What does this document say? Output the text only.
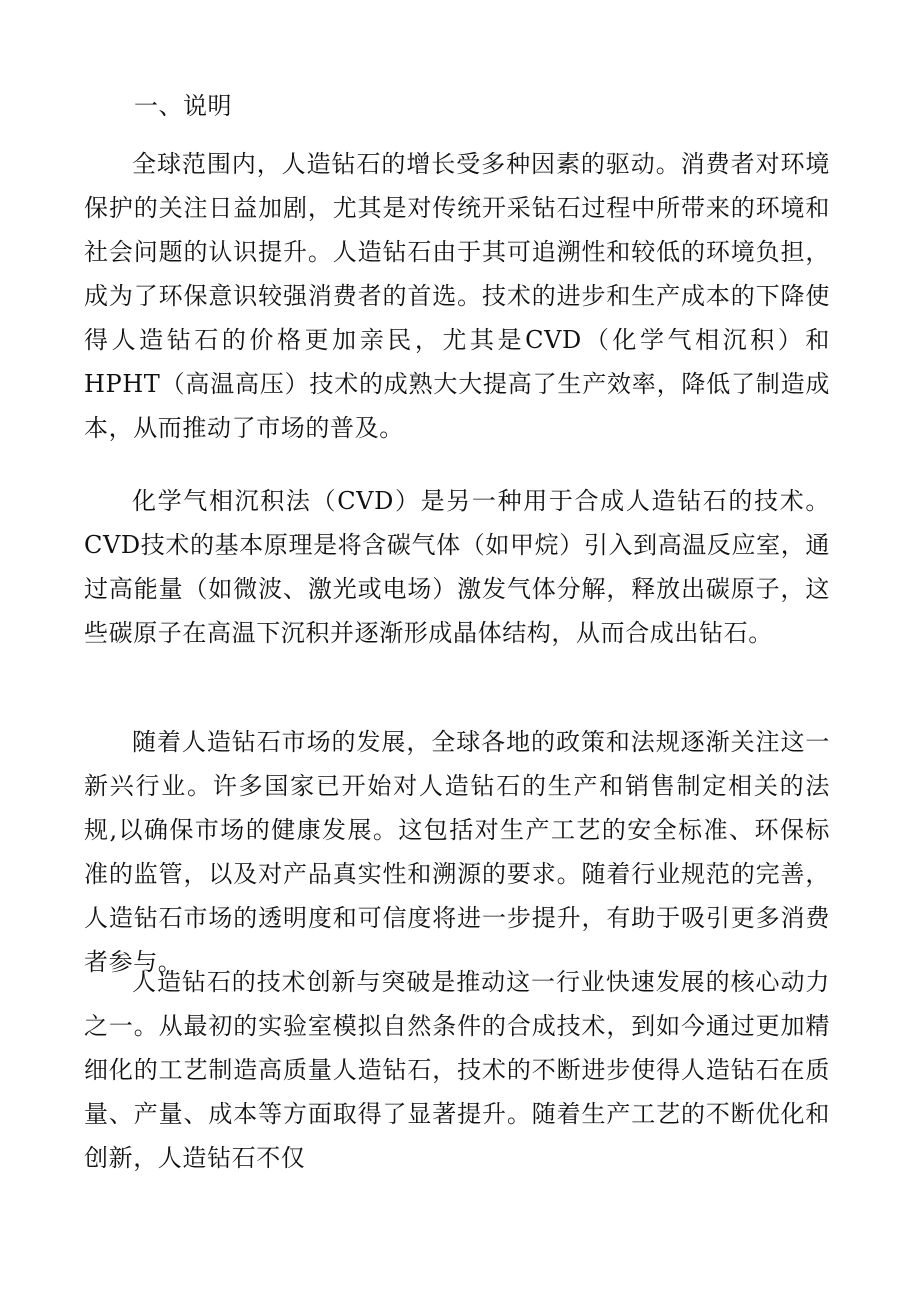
一、说明

全球范围内，人造钻石的增长受多种因素的驱动。消费者对环境保护的关注日益加剧，尤其是对传统开采钻石过程中所带来的环境和社会问题的认识提升。人造钻石由于其可追溯性和较低的环境负担，成为了环保意识较强消费者的首选。技术的进步和生产成本的下降使得人造钻石的价格更加亲民，尤其是CVD（化学气相沉积）和HPHT（高温高压）技术的成熟大大提高了生产效率，降低了制造成本，从而推动了市场的普及。

化学气相沉积法（CVD）是另一种用于合成人造钻石的技术。CVD技术的基本原理是将含碳气体（如甲烷）引入到高温反应室，通过高能量（如微波、激光或电场）激发气体分解，释放出碳原子，这些碳原子在高温下沉积并逐渐形成晶体结构，从而合成出钻石。

随着人造钻石市场的发展，全球各地的政策和法规逐渐关注这一新兴行业。许多国家已开始对人造钻石的生产和销售制定相关的法规,以确保市场的健康发展。这包括对生产工艺的安全标准、环保标准的监管，以及对产品真实性和溯源的要求。随着行业规范的完善，人造钻石市场的透明度和可信度将进一步提升，有助于吸引更多消费者参与。

人造钻石的技术创新与突破是推动这一行业快速发展的核心动力之一。从最初的实验室模拟自然条件的合成技术，到如今通过更加精细化的工艺制造高质量人造钻石，技术的不断进步使得人造钻石在质量、产量、成本等方面取得了显著提升。随着生产工艺的不断优化和创新，人造钻石不仅
